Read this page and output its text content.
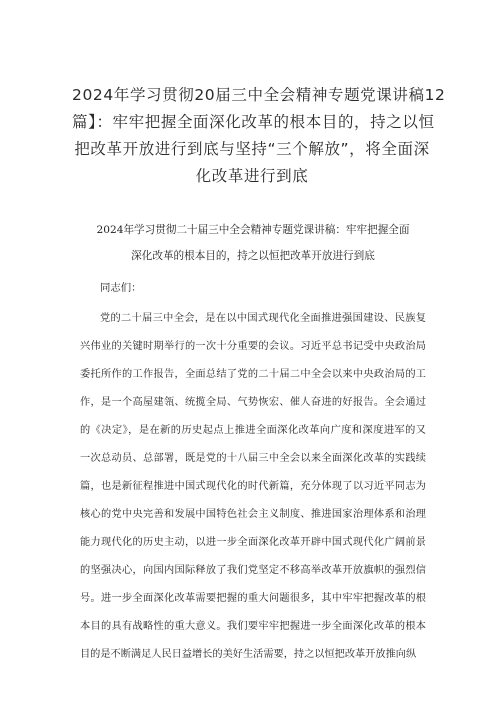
2024年学习贯彻20届三中全会精神专题党课讲稿12
篇】：牢牢把握全面深化改革的根本目的，持之以恒
把改革开放进行到底与坚持“三个解放”，将全面深
化改革进行到底

2024年学习贯彻二十届三中全会精神专题党课讲稿：牢牢把握全面
深化改革的根本目的，持之以恒把改革开放进行到底

同志们：

党的二十届三中全会，是在以中国式现代化全面推进强国建设、民族复
兴伟业的关键时期举行的一次十分重要的会议。习近平总书记受中央政治局
委托所作的工作报告，全面总结了党的二十届二中全会以来中央政治局的工
作，是一个高屋建瓴、统揽全局、气势恢宏、催人奋进的好报告。全会通过
的《决定》，是在新的历史起点上推进全面深化改革向广度和深度进军的又
一次总动员、总部署，既是党的十八届三中全会以来全面深化改革的实践续
篇，也是新征程推进中国式现代化的时代新篇，充分体现了以习近平同志为
核心的党中央完善和发展中国特色社会主义制度、推进国家治理体系和治理
能力现代化的历史主动，以进一步全面深化改革开辟中国式现代化广阔前景
的坚强决心，向国内国际释放了我们党坚定不移高举改革开放旗帜的强烈信
号。进一步全面深化改革需要把握的重大问题很多，其中牢牢把握改革的根
本目的具有战略性的重大意义。我们要牢牢把握进一步全面深化改革的根本
目的是不断满足人民日益增长的美好生活需要，持之以恒把改革开放推向纵
